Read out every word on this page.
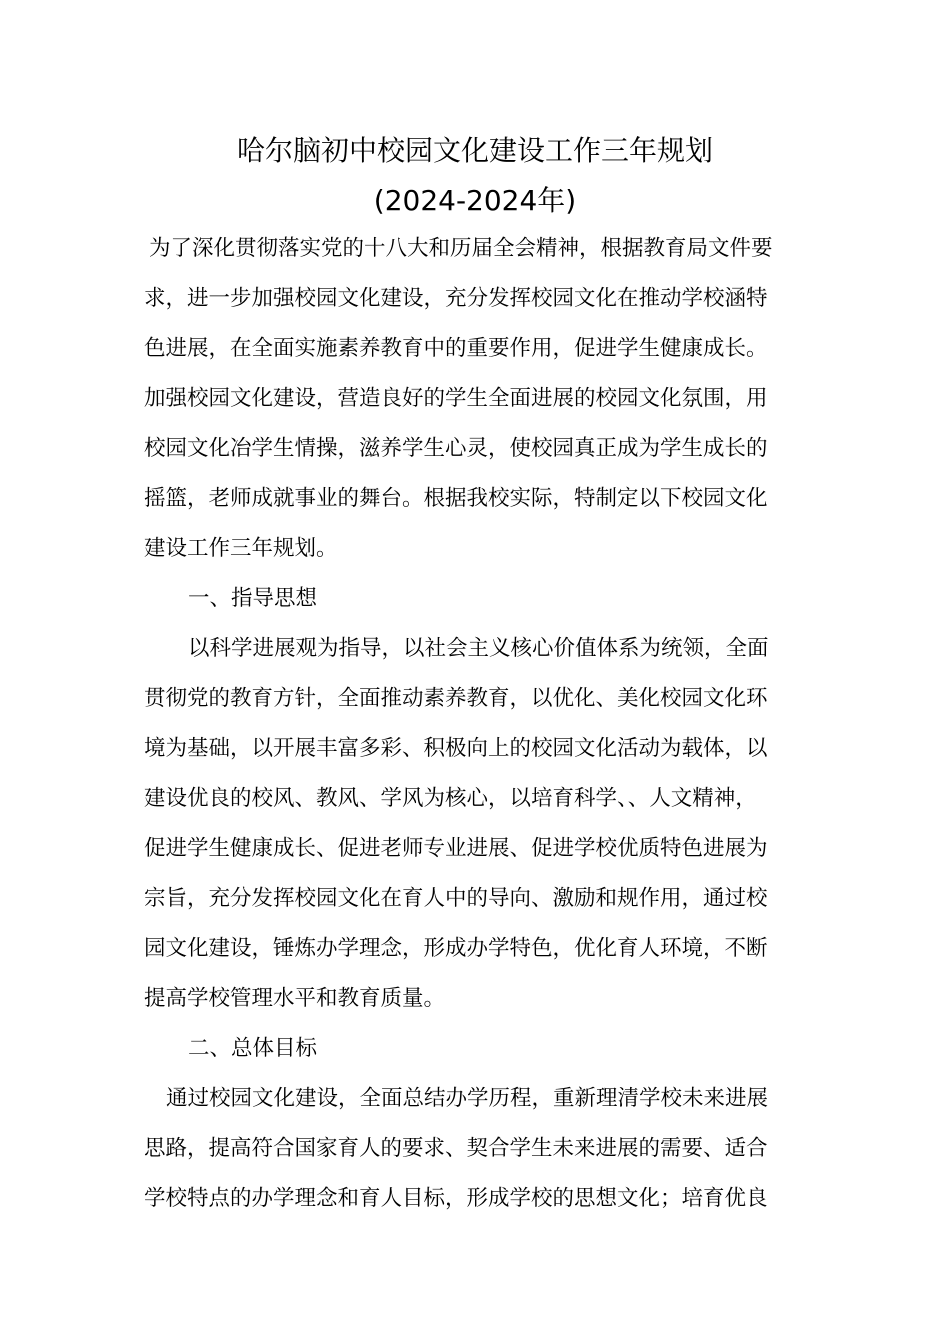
哈尔脑初中校园文化建设工作三年规划
(2024-2024年)
为了深化贯彻落实党的十八大和历届全会精神，根据教育局文件要
求，进一步加强校园文化建设，充分发挥校园文化在推动学校涵特
色进展，在全面实施素养教育中的重要作用，促进学生健康成长。
加强校园文化建设，营造良好的学生全面进展的校园文化氛围，用
校园文化冶学生情操，滋养学生心灵，使校园真正成为学生成长的
摇篮，老师成就事业的舞台。根据我校实际，特制定以下校园文化
建设工作三年规划。
一、指导思想
以科学进展观为指导，以社会主义核心价值体系为统领，全面
贯彻党的教育方针，全面推动素养教育，以优化、美化校园文化环
境为基础，以开展丰富多彩、积极向上的校园文化活动为载体，以
建设优良的校风、教风、学风为核心，以培育科学、、人文精神，
促进学生健康成长、促进老师专业进展、促进学校优质特色进展为
宗旨，充分发挥校园文化在育人中的导向、激励和规作用，通过校
园文化建设，锤炼办学理念，形成办学特色，优化育人环境，不断
提高学校管理水平和教育质量。
二、总体目标
通过校园文化建设，全面总结办学历程，重新理清学校未来进展
思路，提高符合国家育人的要求、契合学生未来进展的需要、适合
学校特点的办学理念和育人目标，形成学校的思想文化；培育优良
